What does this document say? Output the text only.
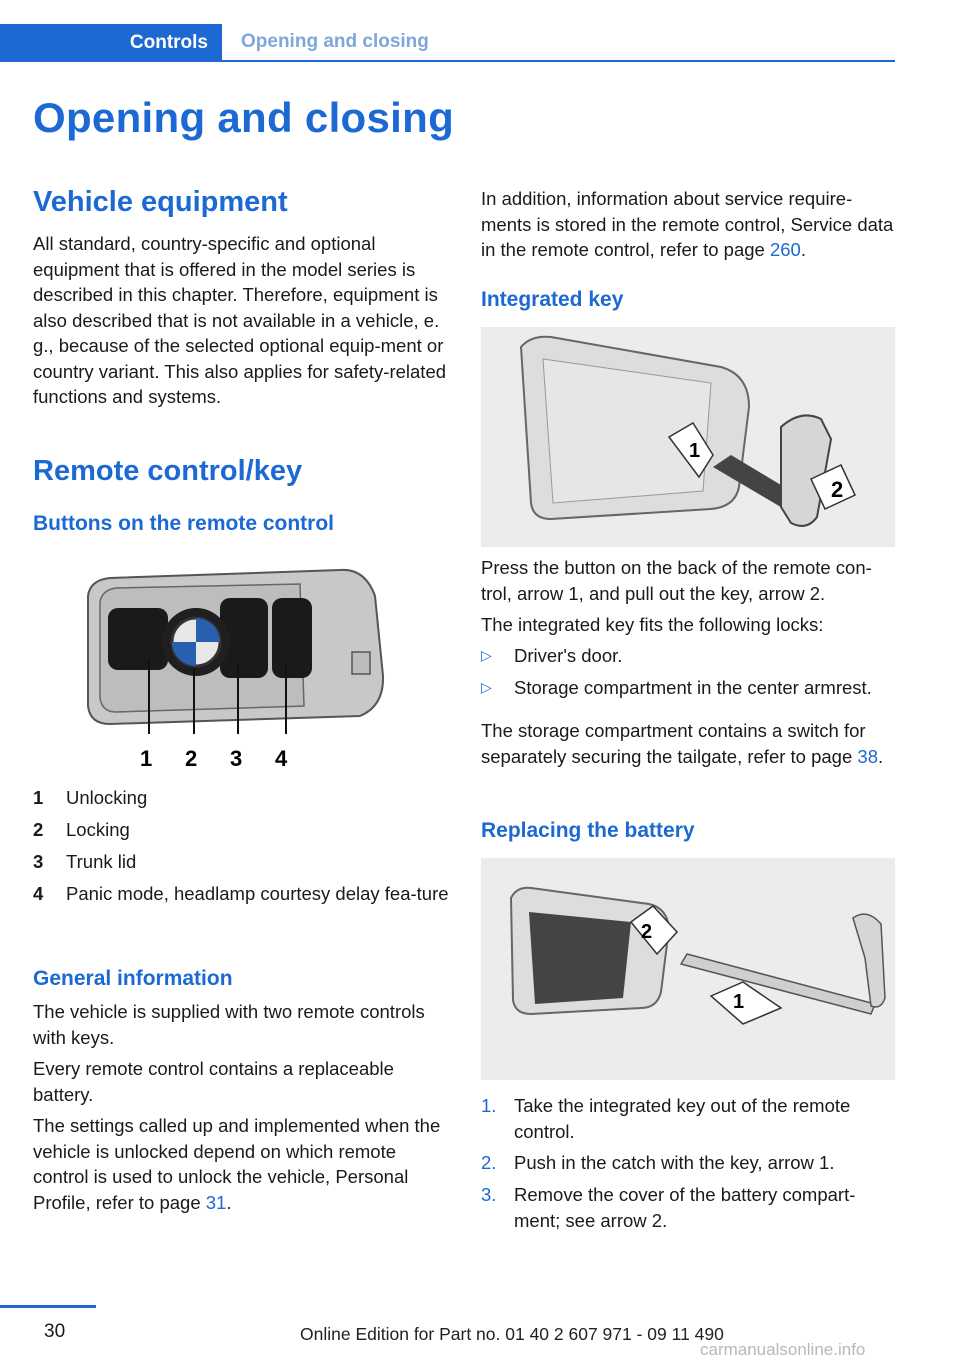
Controls Opening and closing
Opening and closing
Vehicle equipment

All standard, country-specific and optional equipment that is offered in the model series is described in this chapter. Therefore, equipment is also described that is not available in a vehicle, e. g., because of the selected optional equip-ment or country variant. This also applies for safety-related functions and systems.

Remote control/key
Buttons on the remote control
1 2 3 4
1 Unlocking
2 Locking
3 Trunk lid
4 Panic mode, headlamp courtesy delay fea-ture
General information

The vehicle is supplied with two remote controls with keys.

Every remote control contains a replaceable battery.

The settings called up and implemented when the vehicle is unlocked depend on which remote control is used to unlock the vehicle, Personal Profile, refer to page 31.

In addition, information about service require-ments is stored in the remote control, Service data in the remote control, refer to page 260.

Integrated key
1
2

Press the button on the back of the remote con-trol, arrow 1, and pull out the key, arrow 2.

The integrated key fits the following locks:

▷ Driver's door.
▷ Storage compartment in the center armrest.

The storage compartment contains a switch for separately securing the tailgate, refer to page 38.

Replacing the battery
2
1
1. Take the integrated key out of the remote control.
2. Push in the catch with the key, arrow 1.
3. Remove the cover of the battery compart-ment; see arrow 2.
30	Online Edition for Part no. 01 40 2 607 971 - 09 11 490
carmanualsonline.info
